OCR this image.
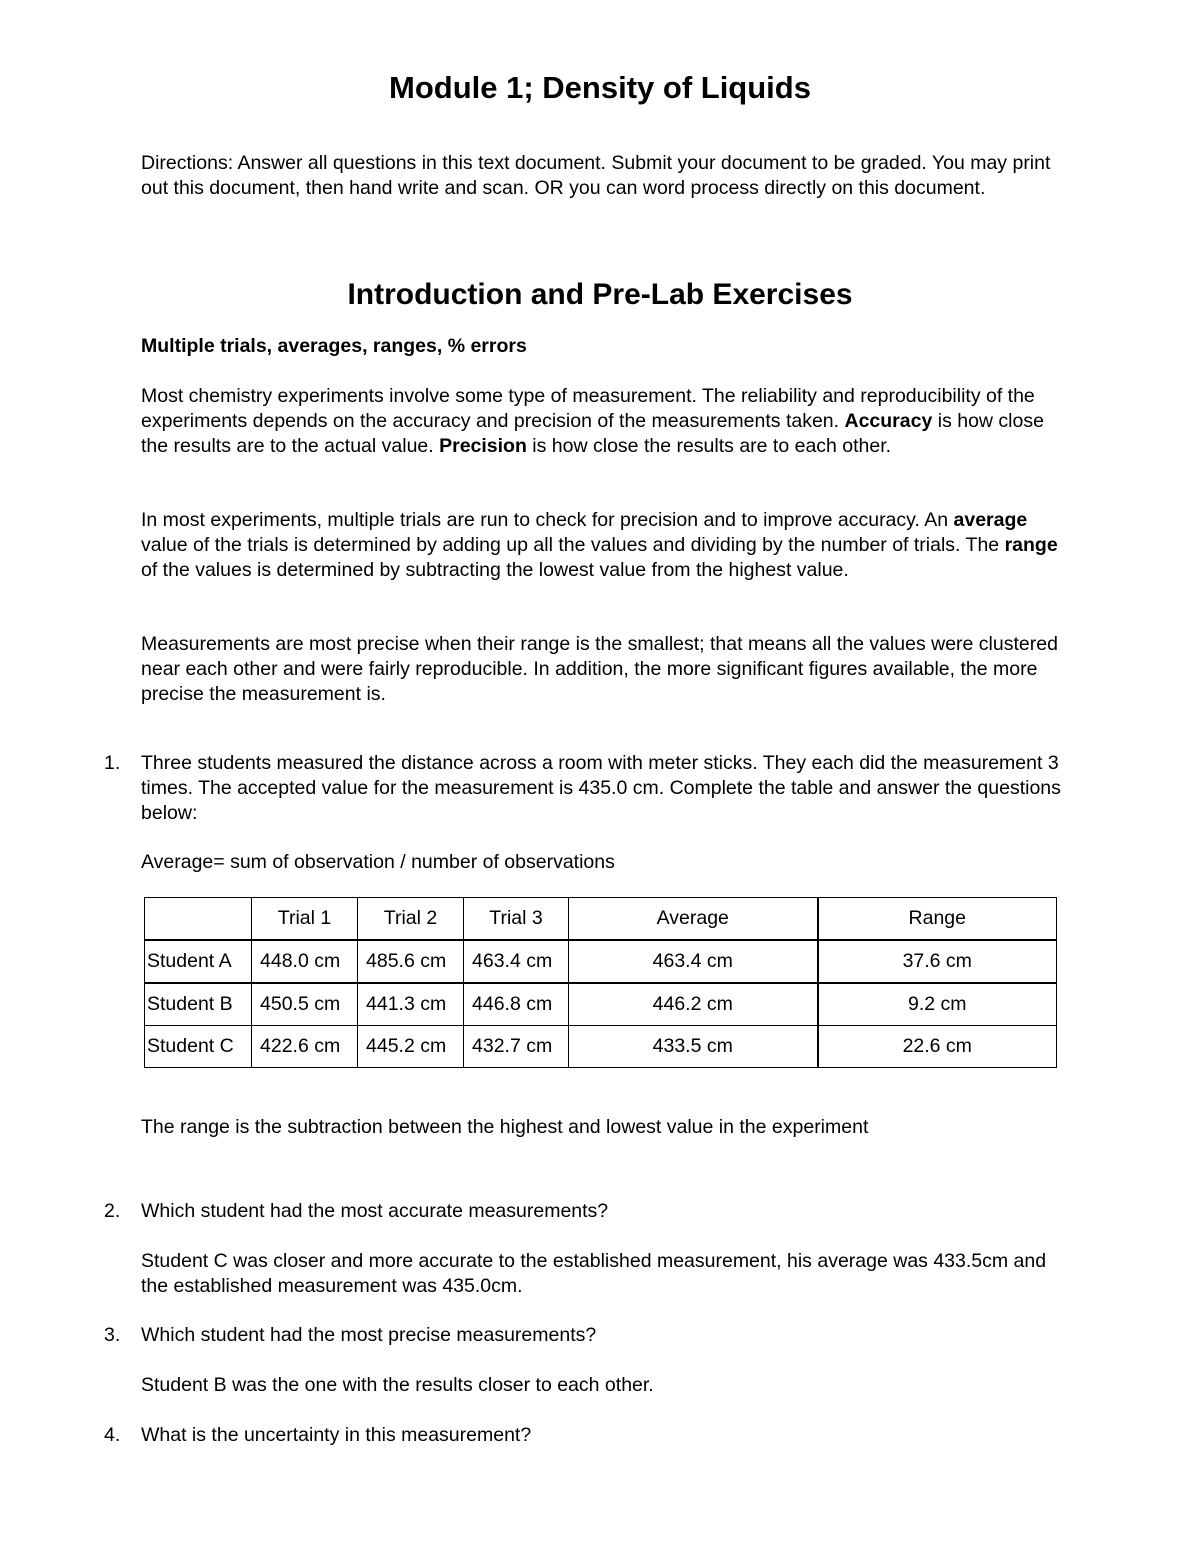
Module 1; Density of Liquids

Directions: Answer all questions in this text document. Submit your document to be graded. You may print out this document, then hand write and scan. OR you can word process directly on this document.

Introduction and Pre-Lab Exercises

Multiple trials, averages, ranges, % errors

Most chemistry experiments involve some type of measurement. The reliability and reproducibility of the experiments depends on the accuracy and precision of the measurements taken. Accuracy is how close the results are to the actual value. Precision is how close the results are to each other.

In most experiments, multiple trials are run to check for precision and to improve accuracy. An average value of the trials is determined by adding up all the values and dividing by the number of trials. The range of the values is determined by subtracting the lowest value from the highest value.

Measurements are most precise when their range is the smallest; that means all the values were clustered near each other and were fairly reproducible. In addition, the more significant figures available, the more precise the measurement is.

1. Three students measured the distance across a room with meter sticks. They each did the measurement 3 times. The accepted value for the measurement is 435.0 cm. Complete the table and answer the questions below:

Average= sum of observation / number of observations

	Trial 1	Trial 2	Trial 3	Average	Range
Student A	448.0 cm	485.6 cm	463.4 cm	463.4 cm	37.6 cm
Student B	450.5 cm	441.3 cm	446.8 cm	446.2 cm	9.2 cm
Student C	422.6 cm	445.2 cm	432.7 cm	433.5 cm	22.6 cm

The range is the subtraction between the highest and lowest value in the experiment

2. Which student had the most accurate measurements?

Student C was closer and more accurate to the established measurement, his average was 433.5cm and the established measurement was 435.0cm.

3. Which student had the most precise measurements?

Student B was the one with the results closer to each other.

4. What is the uncertainty in this measurement?
